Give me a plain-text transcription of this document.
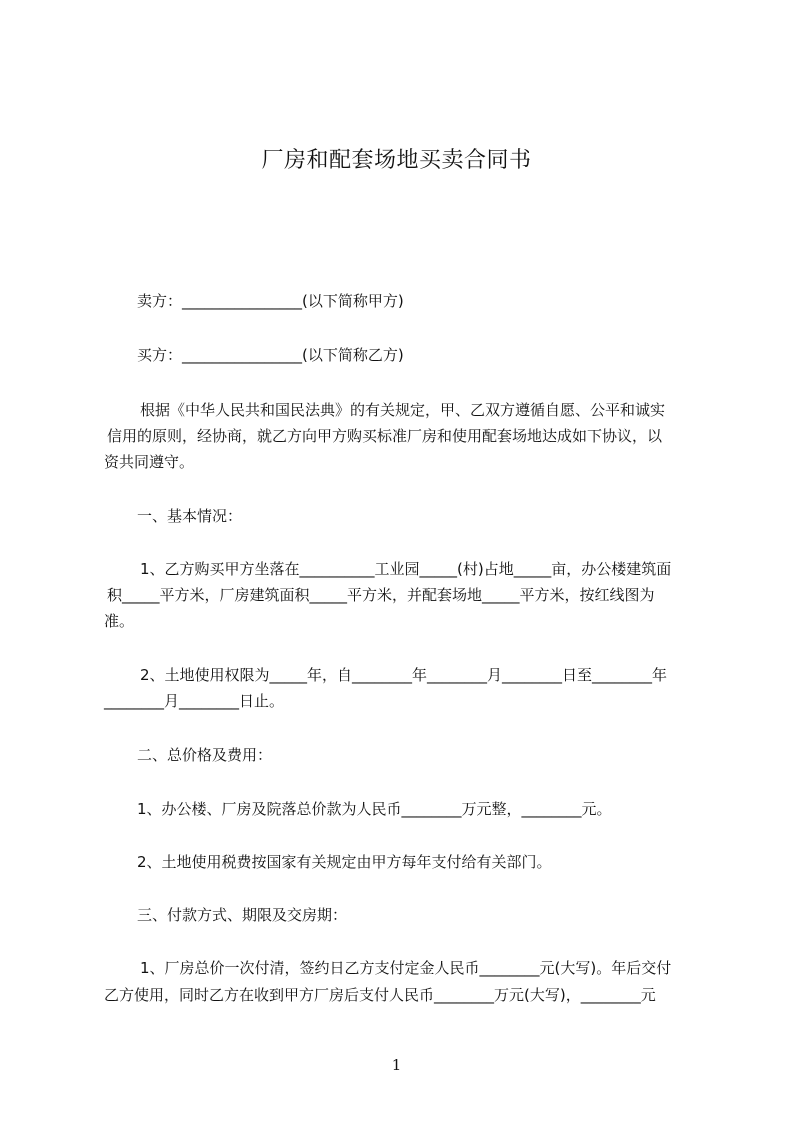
厂房和配套场地买卖合同书
卖方：________________(以下简称甲方)
买方：________________(以下简称乙方)
根据《中华人民共和国民法典》的有关规定，甲、乙双方遵循自愿、公平和诚实
信用的原则，经协商，就乙方向甲方购买标准厂房和使用配套场地达成如下协议，以
资共同遵守。
一、基本情况：
1、乙方购买甲方坐落在__________工业园_____(村)占地_____亩，办公楼建筑面
积_____平方米，厂房建筑面积_____平方米，并配套场地_____平方米，按红线图为
准。
2、土地使用权限为_____年，自________年________月________日至________年
________月________日止。
二、总价格及费用：
1、办公楼、厂房及院落总价款为人民币________万元整，________元。
2、土地使用税费按国家有关规定由甲方每年支付给有关部门。
三、付款方式、期限及交房期：
1、厂房总价一次付清，签约日乙方支付定金人民币________元(大写)。年后交付
乙方使用，同时乙方在收到甲方厂房后支付人民币________万元(大写)，________元
1
